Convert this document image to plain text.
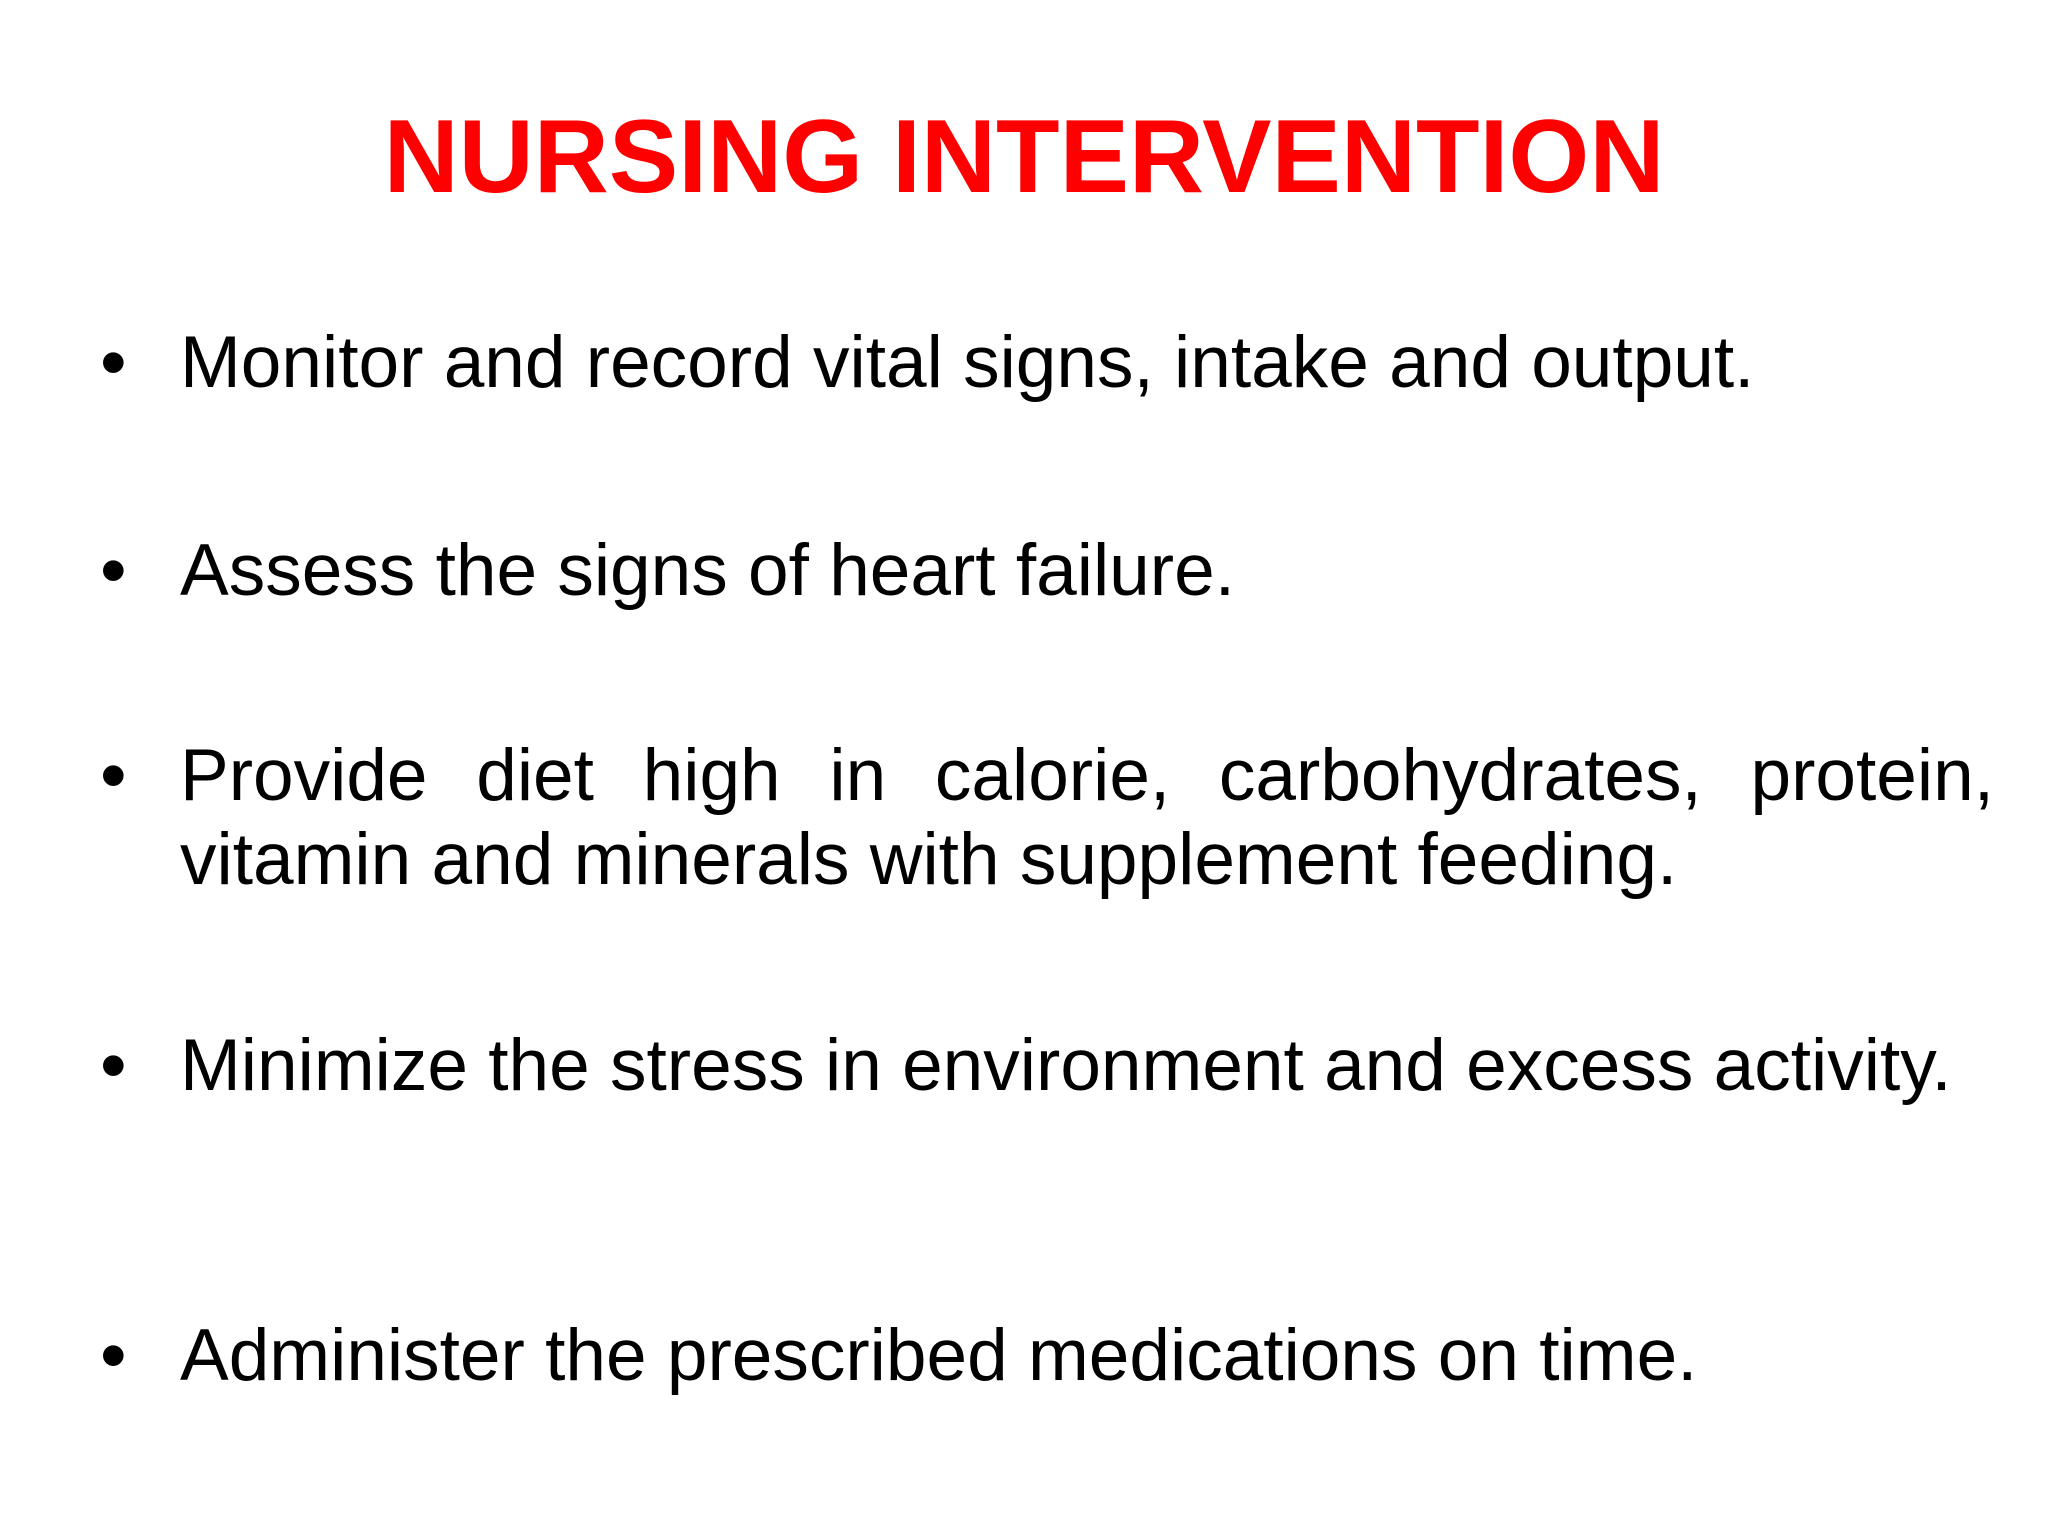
NURSING INTERVENTION
• Monitor and record vital signs, intake and output.
• Assess the signs of heart failure.
• Provide diet high in calorie, carbohydrates, protein, vitamin and minerals with supplement feeding.
• Minimize the stress in environment and excess activity.
• Administer the prescribed medications on time.
